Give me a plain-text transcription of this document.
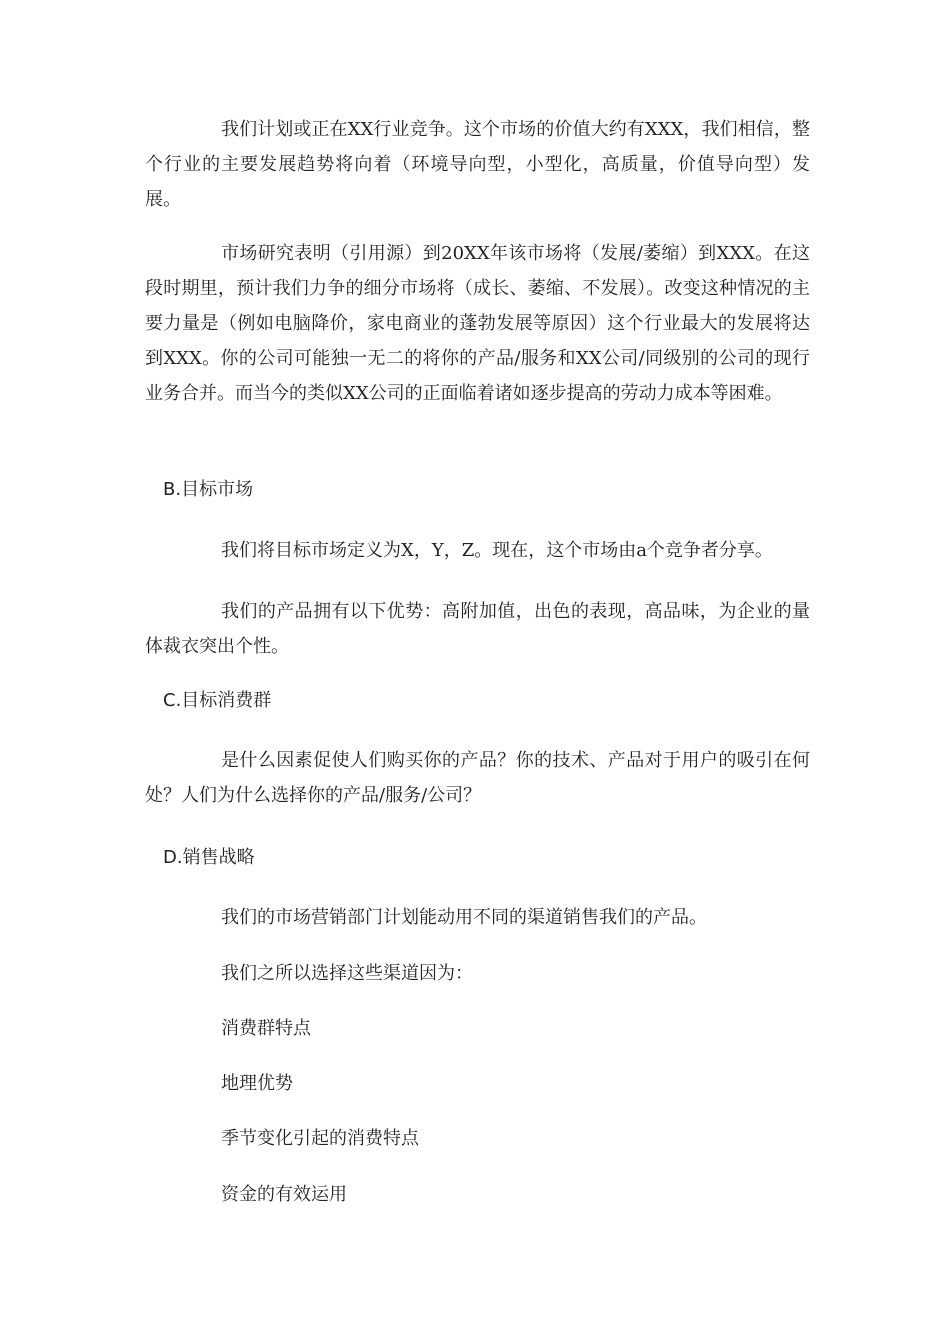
我们计划或正在XX行业竞争。这个市场的价值大约有XXX，我们相信，整个行业的主要发展趋势将向着（环境导向型，小型化，高质量，价值导向型）发展。

市场研究表明（引用源）到20XX年该市场将（发展/萎缩）到XXX。在这段时期里，预计我们力争的细分市场将（成长、萎缩、不发展）。改变这种情况的主要力量是（例如电脑降价，家电商业的蓬勃发展等原因）这个行业最大的发展将达到XXX。你的公司可能独一无二的将你的产品/服务和XX公司/同级别的公司的现行业务合并。而当今的类似XX公司的正面临着诸如逐步提高的劳动力成本等困难。

B.目标市场

我们将目标市场定义为X，Y，Z。现在，这个市场由a个竞争者分享。

我们的产品拥有以下优势：高附加值，出色的表现，高品味，为企业的量体裁衣突出个性。

C.目标消费群

是什么因素促使人们购买你的产品？你的技术、产品对于用户的吸引在何处？人们为什么选择你的产品/服务/公司？

D.销售战略

我们的市场营销部门计划能动用不同的渠道销售我们的产品。

我们之所以选择这些渠道因为：

消费群特点

地理优势

季节变化引起的消费特点

资金的有效运用
